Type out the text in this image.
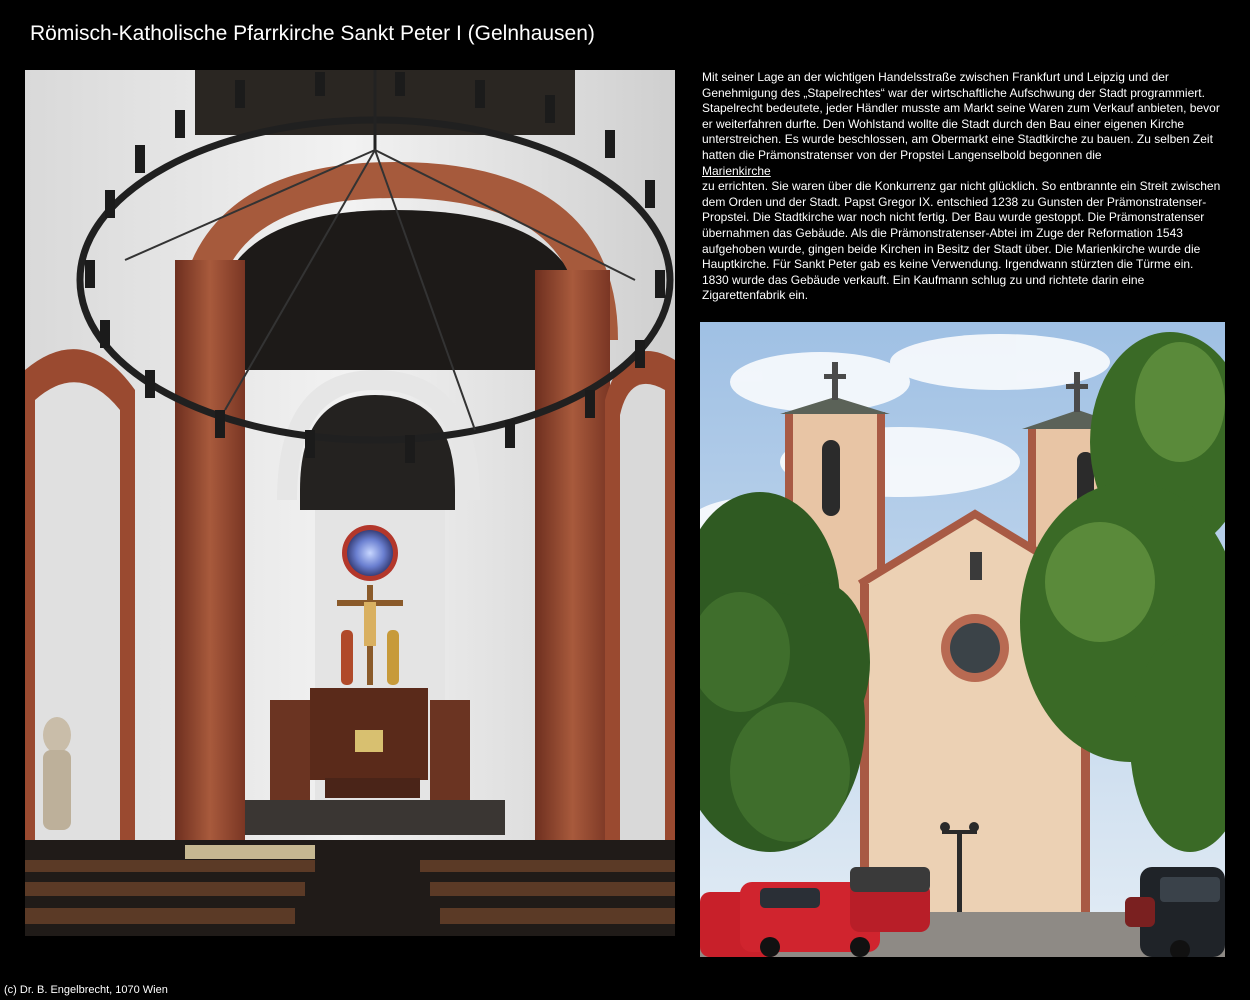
Römisch-Katholische Pfarrkirche Sankt Peter I (Gelnhausen)

Mit seiner Lage an der wichtigen Handelsstraße zwischen Frankfurt und Leipzig und der Genehmigung des „Stapelrechtes“ war der wirtschaftliche Aufschwung der Stadt programmiert. Stapelrecht bedeutete, jeder Händler musste am Markt seine Waren zum Verkauf anbieten, bevor er weiterfahren durfte. Den Wohlstand wollte die Stadt durch den Bau einer eigenen Kirche unterstreichen. Es wurde beschlossen, am Obermarkt eine Stadtkirche zu bauen. Zu selben Zeit hatten die Prämonstratenser von der Propstei Langenselbold begonnen die
Marienkirche
zu errichten. Sie waren über die Konkurrenz gar nicht glücklich. So entbrannte ein Streit zwischen dem Orden und der Stadt. Papst Gregor IX. entschied 1238 zu Gunsten der Prämonstratenser-Propstei. Die Stadtkirche war noch nicht fertig. Der Bau wurde gestoppt. Die Prämonstratenser übernahmen das Gebäude. Als die Prämonstratenser-Abtei im Zuge der Reformation 1543 aufgehoben wurde, gingen beide Kirchen in Besitz der Stadt über. Die Marienkirche wurde die Hauptkirche. Für Sankt Peter gab es keine Verwendung. Irgendwann stürzten die Türme ein. 1830 wurde das Gebäude verkauft. Ein Kaufmann schlug zu und richtete darin eine Zigarettenfabrik ein.

(c) Dr. B. Engelbrecht, 1070 Wien
